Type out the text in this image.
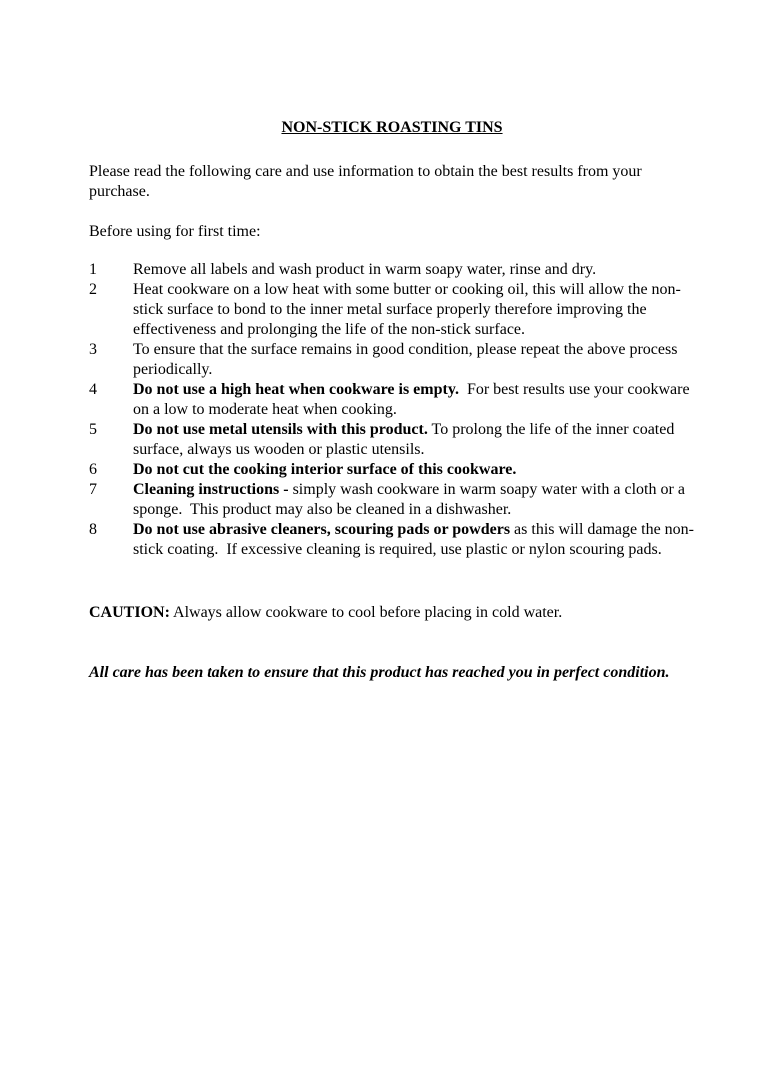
NON-STICK ROASTING TINS

Please read the following care and use information to obtain the best results from your purchase.

Before using for first time:

1	Remove all labels and wash product in warm soapy water, rinse and dry.
2	Heat cookware on a low heat with some butter or cooking oil, this will allow the non-stick surface to bond to the inner metal surface properly therefore improving the effectiveness and prolonging the life of the non-stick surface.
3	To ensure that the surface remains in good condition, please repeat the above process periodically.
4	Do not use a high heat when cookware is empty.  For best results use your cookware on a low to moderate heat when cooking.
5	Do not use metal utensils with this product. To prolong the life of the inner coated surface, always us wooden or plastic utensils.
6	Do not cut the cooking interior surface of this cookware.
7	Cleaning instructions - simply wash cookware in warm soapy water with a cloth or a sponge.  This product may also be cleaned in a dishwasher.
8	Do not use abrasive cleaners, scouring pads or powders as this will damage the non-stick coating.  If excessive cleaning is required, use plastic or nylon scouring pads.

CAUTION: Always allow cookware to cool before placing in cold water.

All care has been taken to ensure that this product has reached you in perfect condition.
